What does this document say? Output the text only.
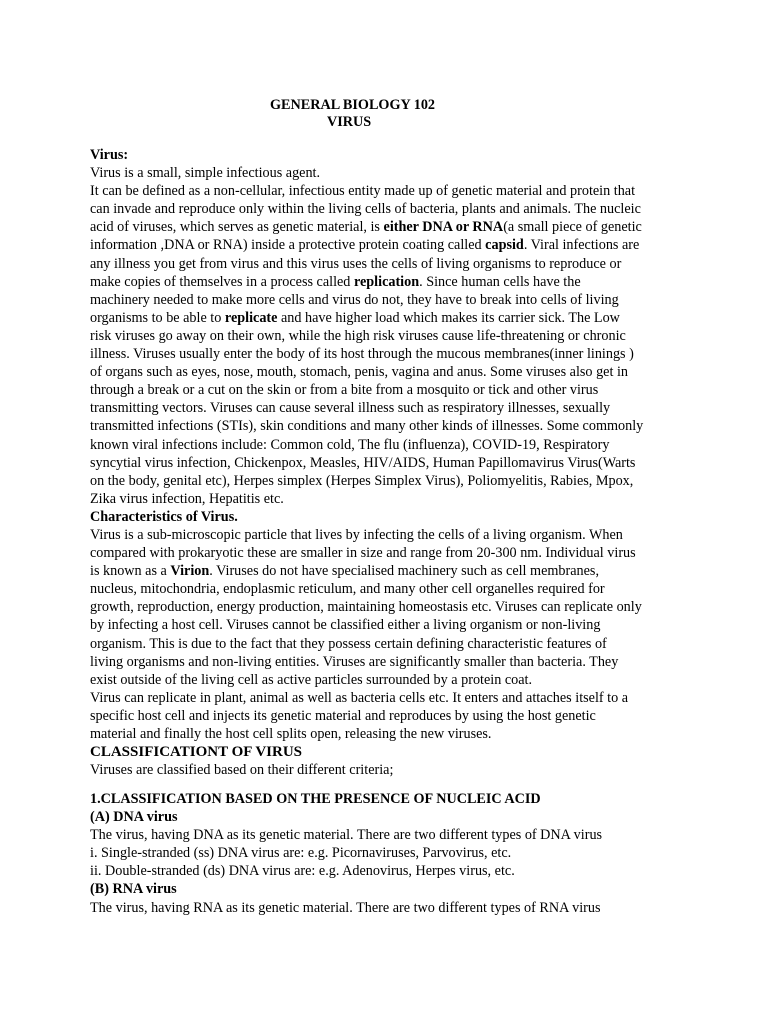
GENERAL BIOLOGY 102
VIRUS
Virus:
Virus is a small, simple infectious agent.
It can be defined as a non-cellular, infectious entity made up of genetic material and protein that
can invade and reproduce only within the living cells of bacteria, plants and animals. The nucleic
acid of viruses, which serves as genetic material, is either DNA or RNA(a small piece of genetic
information ,DNA or RNA) inside a protective protein coating called capsid. Viral infections are
any illness you get from virus and this virus uses the cells of living organisms to reproduce or
make copies of themselves in a process called replication. Since human cells have the
machinery needed to make more cells and virus do not, they have to break into cells of living
organisms to be able to replicate and have higher load which makes its carrier sick. The Low
risk viruses go away on their own, while the high risk viruses cause life-threatening or chronic
illness. Viruses usually enter the body of its host through the mucous membranes(inner linings )
of organs such as eyes, nose, mouth, stomach, penis, vagina and anus. Some viruses also get in
through a break or a cut on the skin or from a bite from a mosquito or tick and other virus
transmitting vectors. Viruses can cause several illness such as respiratory illnesses, sexually
transmitted infections (STIs), skin conditions and many other kinds of illnesses. Some commonly
known viral infections include: Common cold, The flu (influenza), COVID-19, Respiratory
syncytial virus infection, Chickenpox, Measles, HIV/AIDS, Human Papillomavirus Virus(Warts
on the body, genital etc), Herpes simplex (Herpes Simplex Virus), Poliomyelitis, Rabies, Mpox,
Zika virus infection, Hepatitis etc.
Characteristics of Virus.
Virus is a sub-microscopic particle that lives by infecting the cells of a living organism. When
compared with prokaryotic these are smaller in size and range from 20-300 nm. Individual virus
is known as a Virion. Viruses do not have specialised machinery such as cell membranes,
nucleus, mitochondria, endoplasmic reticulum, and many other cell organelles required for
growth, reproduction, energy production, maintaining homeostasis etc. Viruses can replicate only
by infecting a host cell. Viruses cannot be classified either a living organism or non-living
organism. This is due to the fact that they possess certain defining characteristic features of
living organisms and non-living entities. Viruses are significantly smaller than bacteria. They
exist outside of the living cell as active particles surrounded by a protein coat.
Virus can replicate in plant, animal as well as bacteria cells etc. It enters and attaches itself to a
specific host cell and injects its genetic material and reproduces by using the host genetic
material and finally the host cell splits open, releasing the new viruses.
CLASSIFICATIONT OF VIRUS
Viruses are classified based on their different criteria;
1.CLASSIFICATION BASED ON THE PRESENCE OF NUCLEIC ACID
(A) DNA virus
The virus, having DNA as its genetic material. There are two different types of DNA virus
i. Single-stranded (ss) DNA virus are: e.g. Picornaviruses, Parvovirus, etc.
ii. Double-stranded (ds) DNA virus are: e.g. Adenovirus, Herpes virus, etc.
(B) RNA virus
The virus, having RNA as its genetic material. There are two different types of RNA virus
